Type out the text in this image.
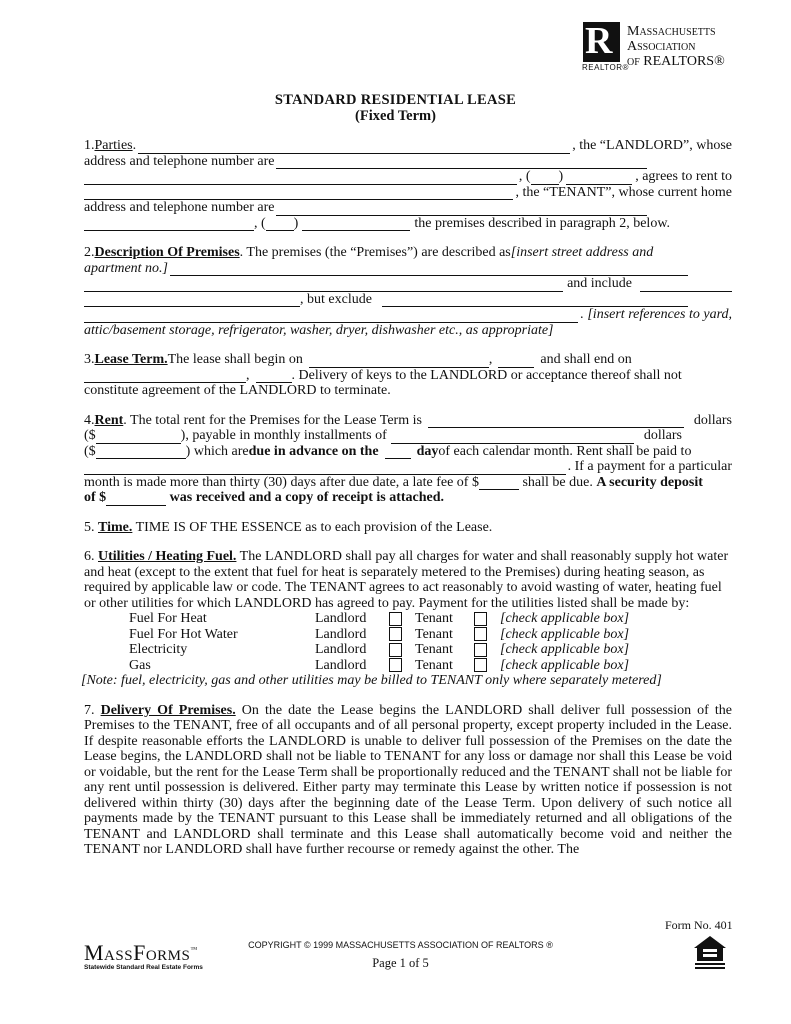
R
REALTOR®
Massachusetts
Association
of REALTORS®
STANDARD RESIDENTIAL LEASE
(Fixed Term)
1. Parties .	, the “LANDLORD”, whose
address and telephone number are
, ( )	, agrees to rent to
, the “TENANT”, whose current home
address and telephone number are
, ( )	the premises described in paragraph 2, below.
2. Description Of Premises . The premises (the “Premises”) are described as [insert street address and
apartment no.]
and include
, but exclude
. [insert references to yard,
attic/basement storage, refrigerator, washer, dryer, dishwasher etc., as appropriate]
3. Lease Term. The lease shall begin on	,	and shall end on
,	. Delivery of keys to the LANDLORD or acceptance thereof shall not
constitute agreement of the LANDLORD to terminate.
4. Rent . The total rent for the Premises for the Lease Term is	dollars
($	), payable in monthly installments of	dollars
($	) which are due in advance on the	day of each calendar month. Rent shall be paid to
. If a payment for a particular
month is made more than thirty (30) days after due date, a late fee of $	shall be due. A security deposit
of $	was received and a copy of receipt is attached.

5. Time. TIME IS OF THE ESSENCE as to each provision of the Lease.

6. Utilities / Heating Fuel. The LANDLORD shall pay all charges for water and shall reasonably supply hot water and heat (except to the extent that fuel for heat is separately metered to the Premises) during heating season, as required by applicable law or code. The TENANT agrees to act reasonably to avoid wasting of water, heating fuel or other utilities for which LANDLORD has agreed to pay. Payment for the utilities listed shall be made by:

Fuel For Heat	Landlord	Tenant	[check applicable box]
Fuel For Hot Water	Landlord	Tenant	[check applicable box]
Electricity	Landlord	Tenant	[check applicable box]
Gas	Landlord	Tenant	[check applicable box]

[Note: fuel, electricity, gas and other utilities may be billed to TENANT only where separately metered]

7. Delivery Of Premises. On the date the Lease begins the LANDLORD shall deliver full possession of the Premises to the TENANT, free of all occupants and of all personal property, except property included in the Lease. If despite reasonable efforts the LANDLORD is unable to deliver full possession of the Premises on the date the Lease begins, the LANDLORD shall not be liable to TENANT for any loss or damage nor shall this Lease be void or voidable, but the rent for the Lease Term shall be proportionally reduced and the TENANT shall not be liable for any rent until possession is delivered. Either party may terminate this Lease by written notice if possession is not delivered within thirty (30) days after the beginning date of the Lease Term. Upon delivery of such notice all payments made by the TENANT pursuant to this Lease shall be immediately returned and all obligations of the TENANT and LANDLORD shall terminate and this Lease shall automatically become void and neither the TENANT nor LANDLORD shall have further recourse or remedy against the other. The

Form No. 401
MassForms™
Statewide Standard Real Estate Forms
COPYRIGHT © 1999 MASSACHUSETTS ASSOCIATION OF REALTORS ®
Page 1 of 5
